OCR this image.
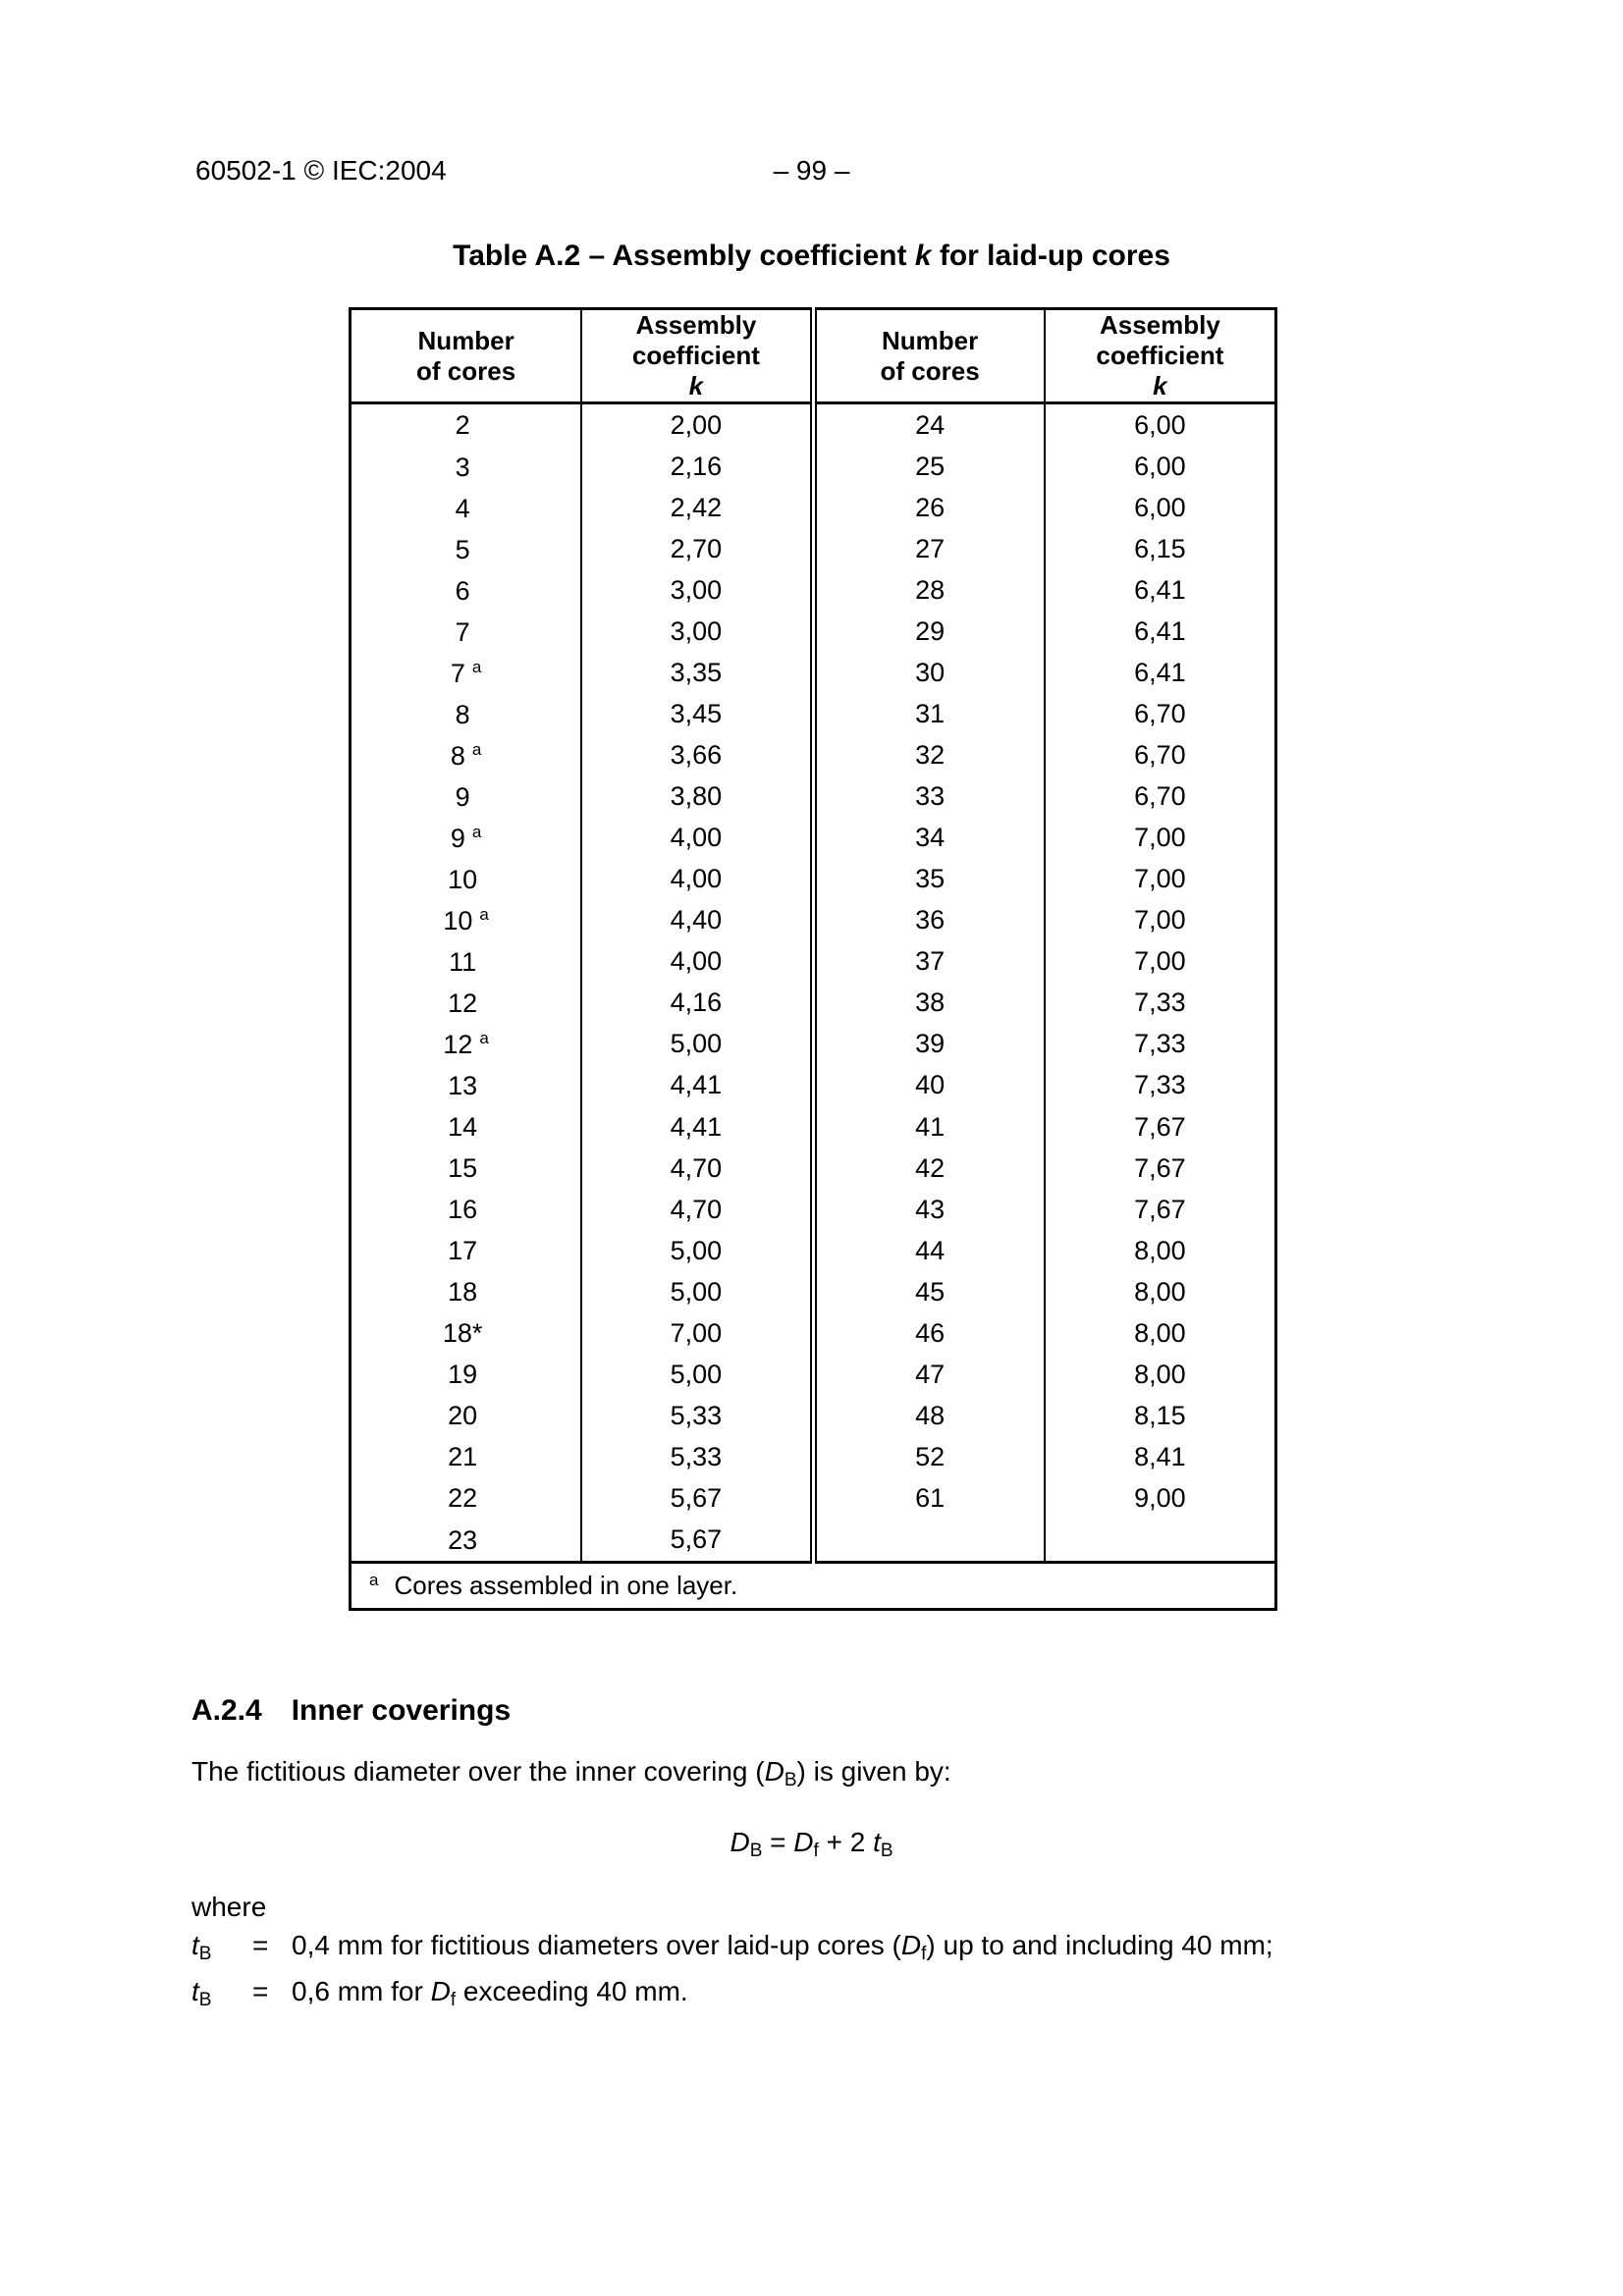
60502-1 © IEC:2004	– 99 –
Table A.2 – Assembly coefficient k for laid-up cores
Number
of cores	Assembly
coefficient
k	Number
of cores	Assembly
coefficient
k
2	2,00	24	6,00
3	2,16	25	6,00
4	2,42	26	6,00
5	2,70	27	6,15
6	3,00	28	6,41
7	3,00	29	6,41
7 $^a$	3,35	30	6,41
8	3,45	31	6,70
8 $^a$	3,66	32	6,70
9	3,80	33	6,70
9 $^a$	4,00	34	7,00
10	4,00	35	7,00
10 $^a$	4,40	36	7,00
11	4,00	37	7,00
12	4,16	38	7,33
12 $^a$	5,00	39	7,33
13	4,41	40	7,33
14	4,41	41	7,67
15	4,70	42	7,67
16	4,70	43	7,67
17	5,00	44	8,00
18	5,00	45	8,00
18*	7,00	46	8,00
19	5,00	47	8,00
20	5,33	48	8,15
21	5,33	52	8,41
22	5,67	61	9,00
23	5,67		
$^a$ Cores assembled in one layer.			
A.2.4 Inner coverings
The fictitious diameter over the inner covering $(D_B)$ is given by:
$D_B = D_f + 2$ $t_B$
where
$t_B$	= 0,4 mm for fictitious diameters over laid-up cores $(D_f)$ up to and including 40 mm;
$t_B$	= 0,6 mm for $D_f$ exceeding 40 mm.
